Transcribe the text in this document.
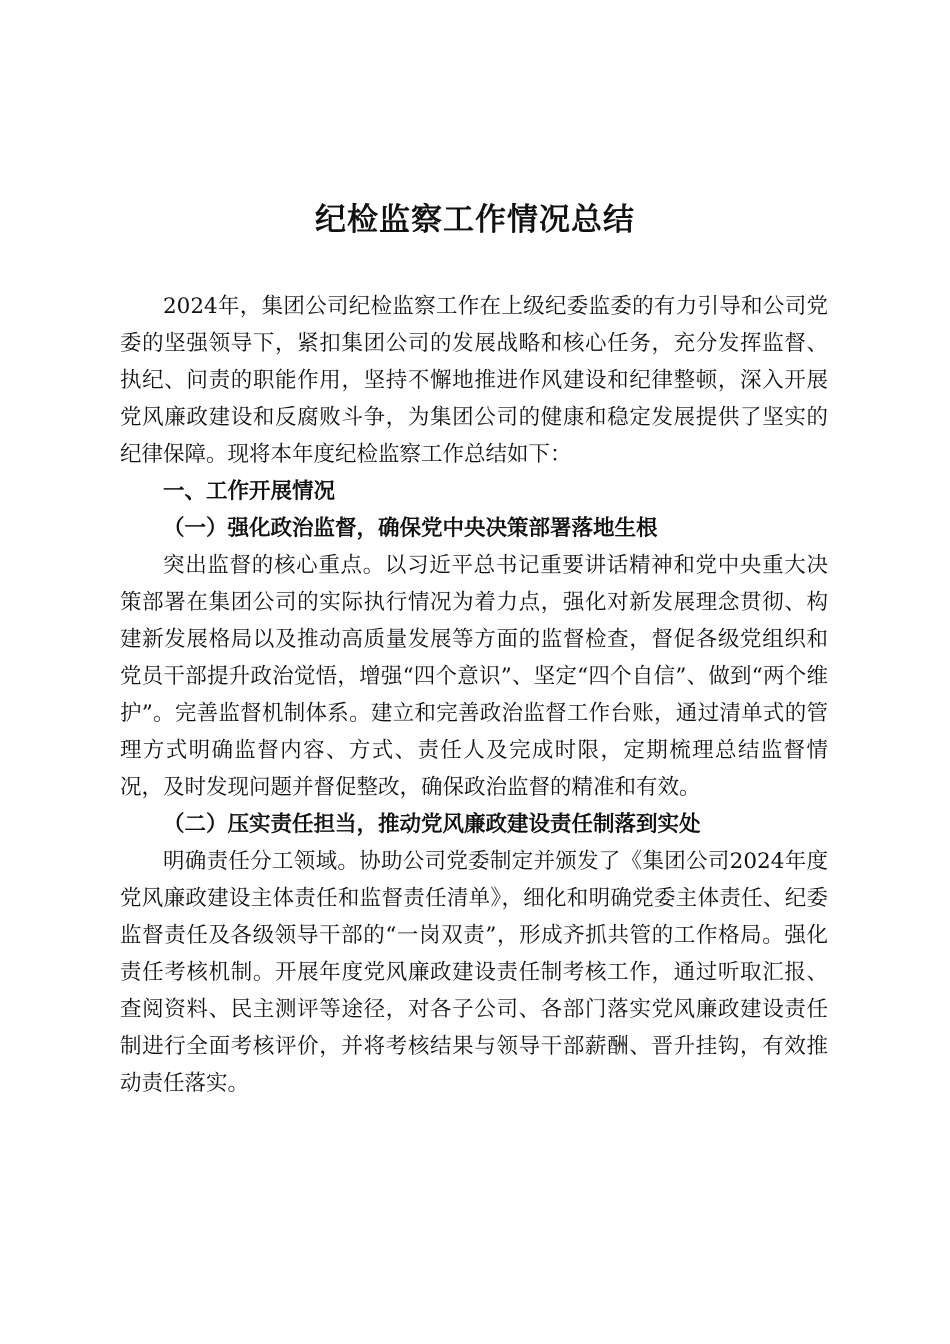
纪检监察工作情况总结

2024年，集团公司纪检监察工作在上级纪委监委的有力引导和公司党委的坚强领导下，紧扣集团公司的发展战略和核心任务，充分发挥监督、执纪、问责的职能作用，坚持不懈地推进作风建设和纪律整顿，深入开展党风廉政建设和反腐败斗争，为集团公司的健康和稳定发展提供了坚实的纪律保障。现将本年度纪检监察工作总结如下：

一、工作开展情况

（一）强化政治监督，确保党中央决策部署落地生根

突出监督的核心重点。以习近平总书记重要讲话精神和党中央重大决策部署在集团公司的实际执行情况为着力点，强化对新发展理念贯彻、构建新发展格局以及推动高质量发展等方面的监督检查，督促各级党组织和党员干部提升政治觉悟，增强“四个意识”、坚定“四个自信”、做到“两个维护”。完善监督机制体系。建立和完善政治监督工作台账，通过清单式的管理方式明确监督内容、方式、责任人及完成时限，定期梳理总结监督情况，及时发现问题并督促整改，确保政治监督的精准和有效。

（二）压实责任担当，推动党风廉政建设责任制落到实处

明确责任分工领域。协助公司党委制定并颁发了《集团公司2024年度党风廉政建设主体责任和监督责任清单》，细化和明确党委主体责任、纪委监督责任及各级领导干部的“一岗双责”，形成齐抓共管的工作格局。强化责任考核机制。开展年度党风廉政建设责任制考核工作，通过听取汇报、查阅资料、民主测评等途径，对各子公司、各部门落实党风廉政建设责任制进行全面考核评价，并将考核结果与领导干部薪酬、晋升挂钩，有效推动责任落实。
